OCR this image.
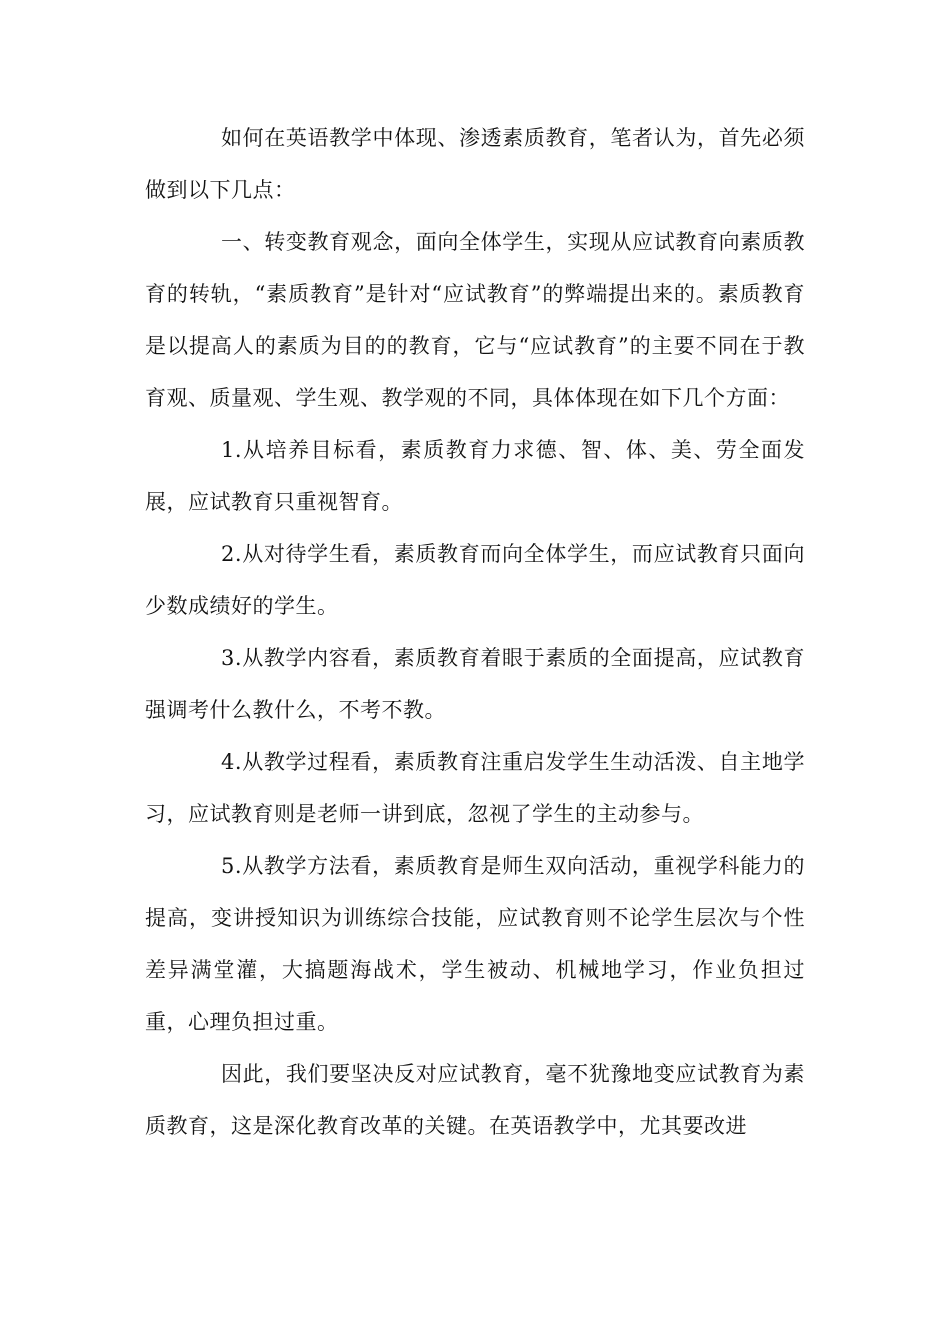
如何在英语教学中体现、渗透素质教育，笔者认为，首先必须做到以下几点：

一、转变教育观念，面向全体学生，实现从应试教育向素质教育的转轨，“素质教育”是针对“应试教育”的弊端提出来的。素质教育是以提高人的素质为目的的教育，它与“应试教育”的主要不同在于教育观、质量观、学生观、教学观的不同，具体体现在如下几个方面：

1.从培养目标看，素质教育力求德、智、体、美、劳全面发展，应试教育只重视智育。

2.从对待学生看，素质教育而向全体学生，而应试教育只面向少数成绩好的学生。

3.从教学内容看，素质教育着眼于素质的全面提高，应试教育强调考什么教什么，不考不教。

4.从教学过程看，素质教育注重启发学生生动活泼、自主地学习，应试教育则是老师一讲到底，忽视了学生的主动参与。

5.从教学方法看，素质教育是师生双向活动，重视学科能力的提高，变讲授知识为训练综合技能，应试教育则不论学生层次与个性差异满堂灌，大搞题海战术，学生被动、机械地学习，作业负担过重，心理负担过重。

因此，我们要坚决反对应试教育，毫不犹豫地变应试教育为素质教育，这是深化教育改革的关键。在英语教学中，尤其要改进
